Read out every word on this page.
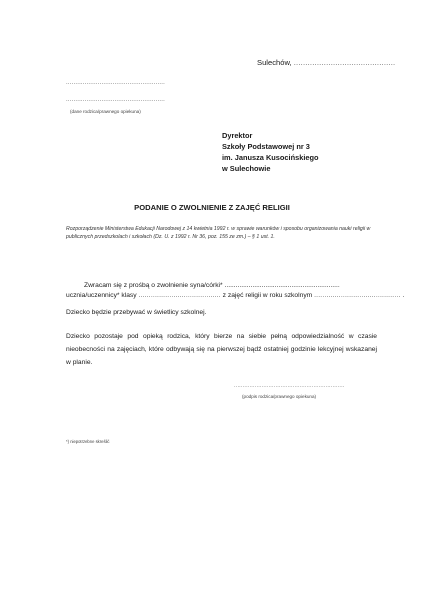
Sulechów, ............................................
.....................................................
.....................................................
(dane rodzica/prawnego opiekuna)
Dyrektor
Szkoły Podstawowej nr 3
im. Janusza Kusocińskiego
w Sulechowie
PODANIE O ZWOLNIENIE Z ZAJĘĆ RELIGII
Rozporządzenie Ministerstwa Edukacji Narodowej z 14 kwietnia 1992 r. w sprawie warunków i sposobu organizowania nauki religii w publicznych przedszkolach i szkołach (Dz. U. z 1992 r. Nr 36, poz. 155 ze zm.) – § 1 ust. 1.
Zwracam się z prośbą o zwolnienie syna/córki* ..............................................................
ucznia/uczennicy* klasy ........................................ z zajęć religii w roku szkolnym .......................................... .
Dziecko będzie przebywać w świetlicy szkolnej.
Dziecko pozostaje pod opieką rodzica, który bierze na siebie pełną odpowiedzialność w czasie nieobecności na zajęciach, które odbywają się na pierwszej bądź ostatniej godzinie lekcyjnej wskazanej w planie.
................................................................
(podpis rodzica/prawnego opiekuna)
*) niepotrzebne skreślić
